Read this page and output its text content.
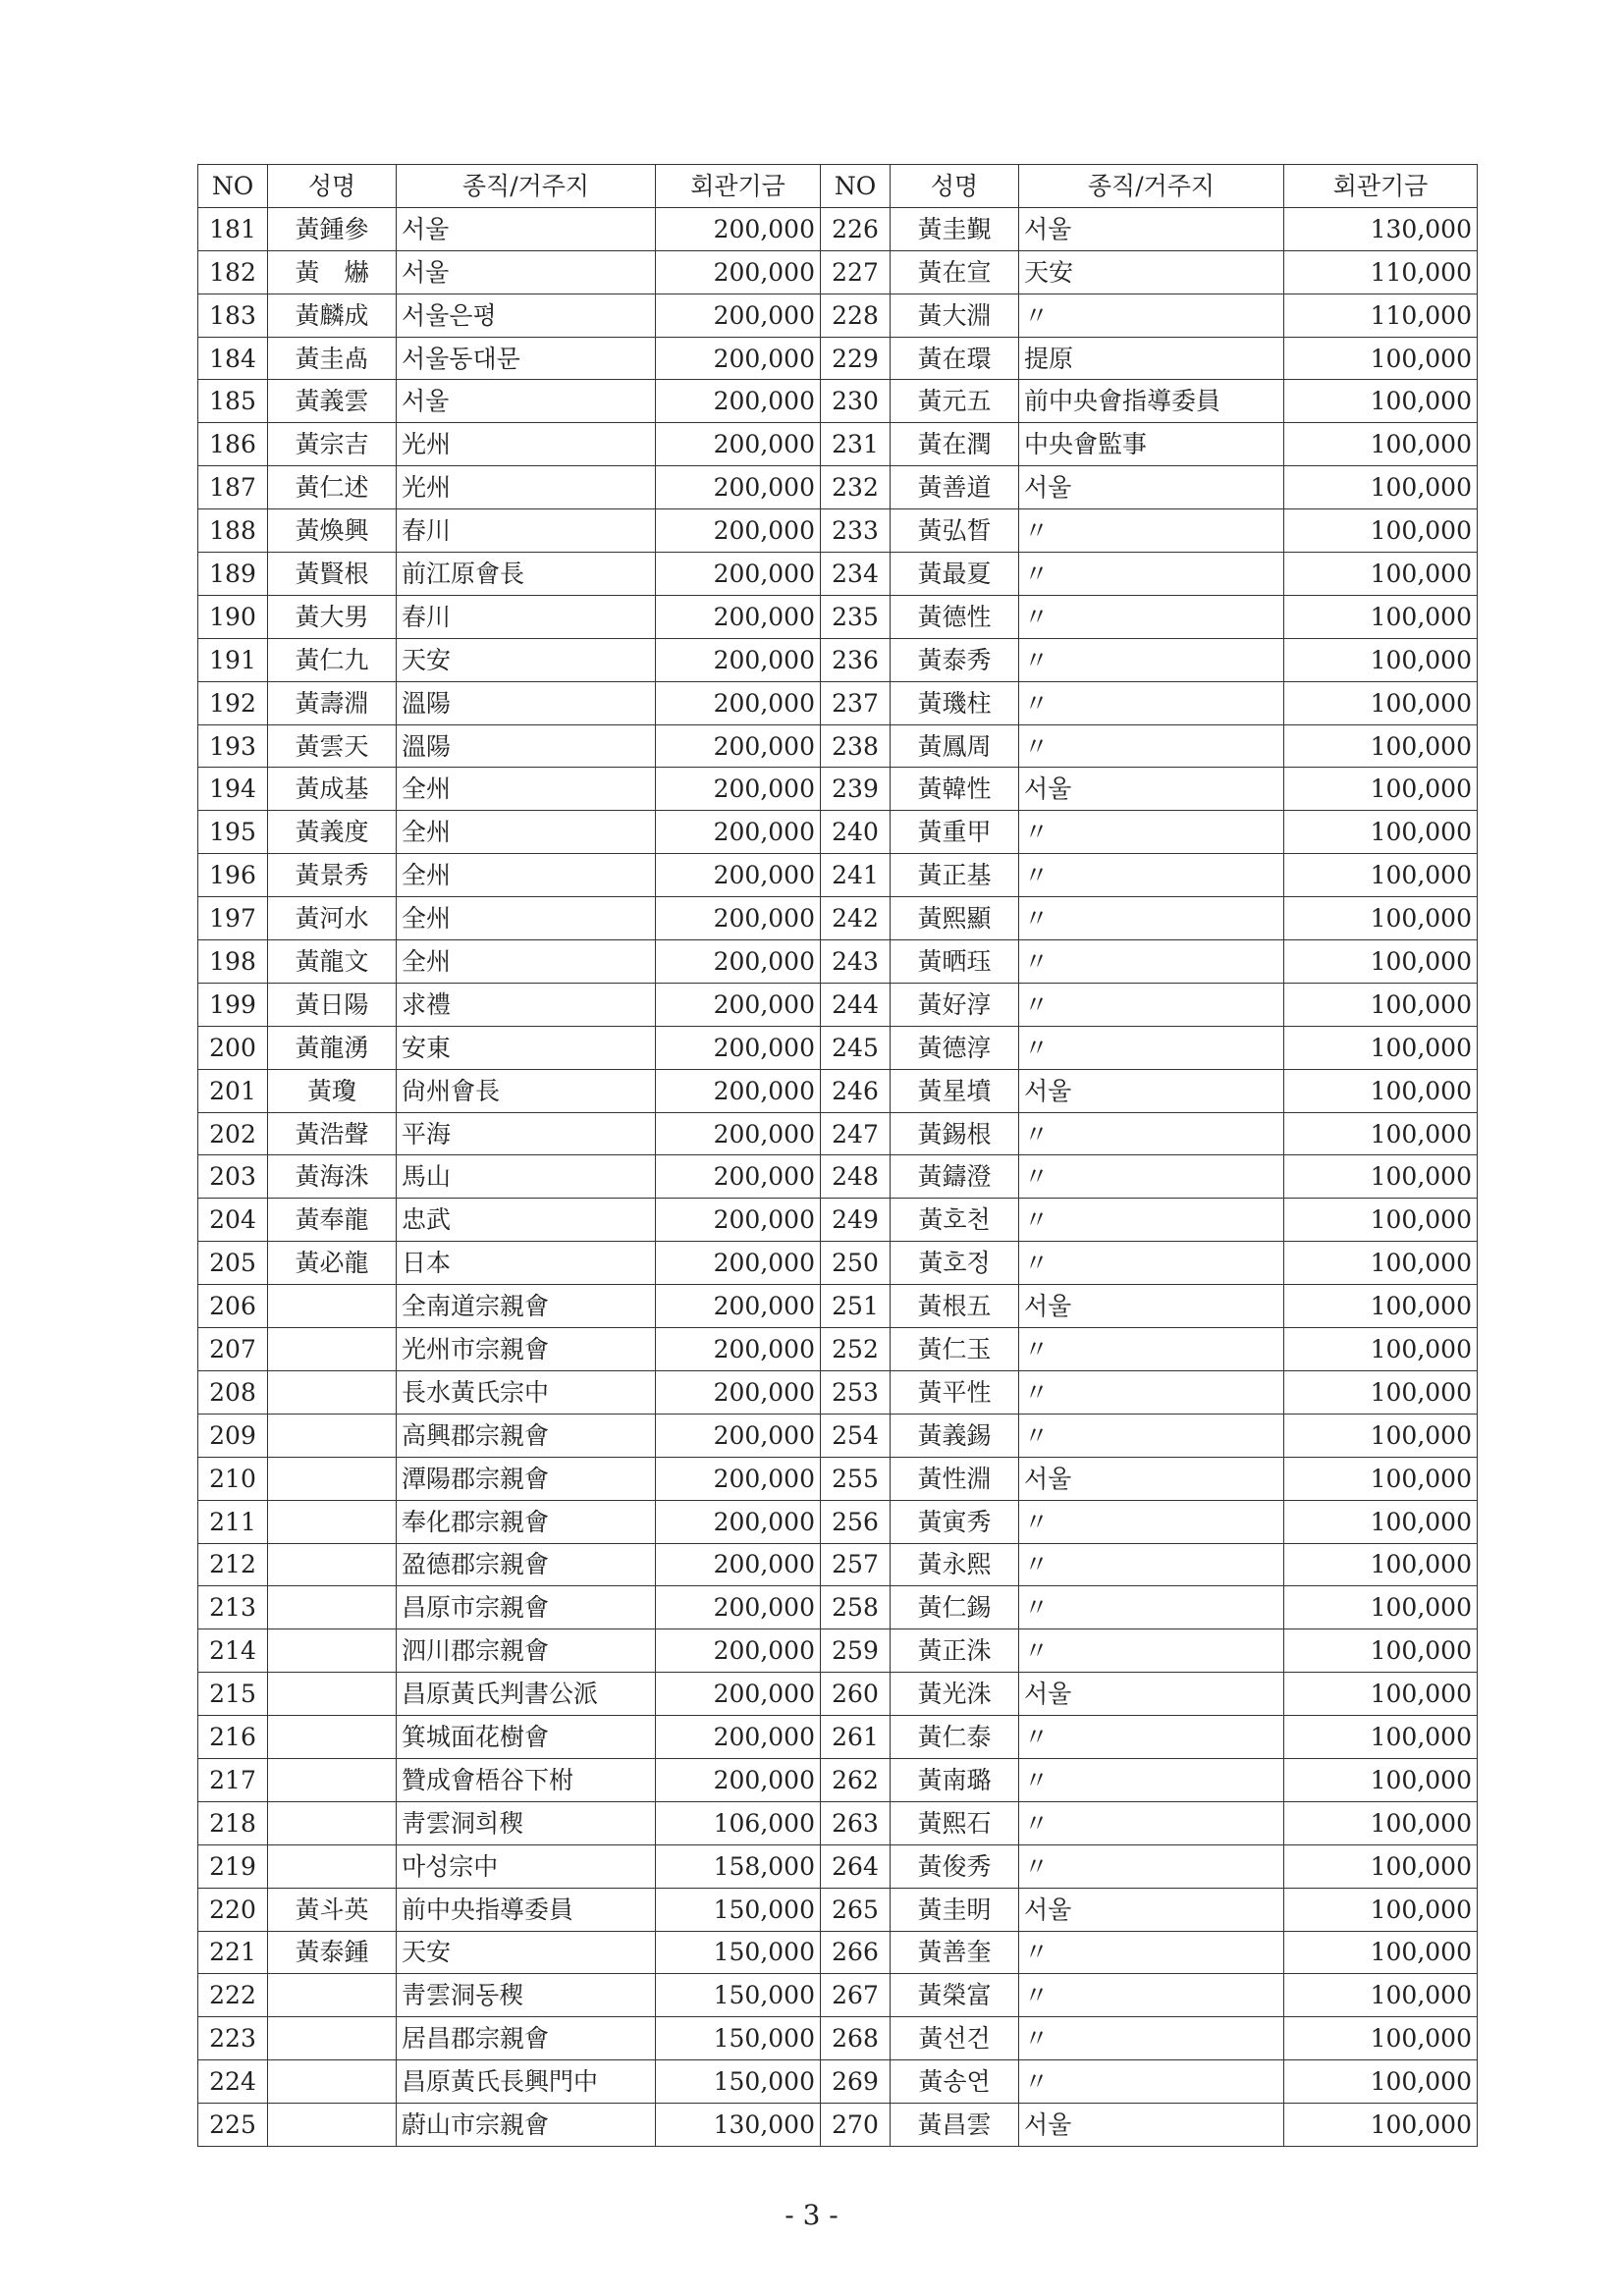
NO	성명	종직/거주지	회관기금	NO	성명	종직/거주지	회관기금
181	黃鍾參	서울	200,000	226	黃圭覲	서울	130,000
182	黃　爀	서울	200,000	227	黃在宣	天安	110,000
183	黃麟成	서울은평	200,000	228	黃大淵	〃	110,000
184	黃圭卨	서울동대문	200,000	229	黃在環	提原	100,000
185	黃義雲	서울	200,000	230	黃元五	前中央會指導委員	100,000
186	黃宗吉	光州	200,000	231	黃在潤	中央會監事	100,000
187	黃仁述	光州	200,000	232	黃善道	서울	100,000
188	黃煥興	春川	200,000	233	黃弘晳	〃	100,000
189	黃賢根	前江原會長	200,000	234	黃最夏	〃	100,000
190	黃大男	春川	200,000	235	黃德性	〃	100,000
191	黃仁九	天安	200,000	236	黃泰秀	〃	100,000
192	黃壽淵	溫陽	200,000	237	黃璣柱	〃	100,000
193	黃雲天	溫陽	200,000	238	黃鳳周	〃	100,000
194	黃成基	全州	200,000	239	黃韓性	서울	100,000
195	黃義度	全州	200,000	240	黃重甲	〃	100,000
196	黃景秀	全州	200,000	241	黃正基	〃	100,000
197	黃河水	全州	200,000	242	黃熙顯	〃	100,000
198	黃龍文	全州	200,000	243	黃晒珏	〃	100,000
199	黃日陽	求禮	200,000	244	黃好淳	〃	100,000
200	黃龍湧	安東	200,000	245	黃德淳	〃	100,000
201	黃瓊	尙州會長	200,000	246	黃星墳	서울	100,000
202	黃浩聲	平海	200,000	247	黃錫根	〃	100,000
203	黃海洙	馬山	200,000	248	黃鑄澄	〃	100,000
204	黃奉龍	忠武	200,000	249	黃호천	〃	100,000
205	黃必龍	日本	200,000	250	黃호정	〃	100,000
206		全南道宗親會	200,000	251	黃根五	서울	100,000
207		光州市宗親會	200,000	252	黃仁玉	〃	100,000
208		長水黃氏宗中	200,000	253	黃平性	〃	100,000
209		高興郡宗親會	200,000	254	黃義錫	〃	100,000
210		潭陽郡宗親會	200,000	255	黃性淵	서울	100,000
211		奉化郡宗親會	200,000	256	黃寅秀	〃	100,000
212		盈德郡宗親會	200,000	257	黃永熙	〃	100,000
213		昌原市宗親會	200,000	258	黃仁錫	〃	100,000
214		泗川郡宗親會	200,000	259	黃正洙	〃	100,000
215		昌原黃氏判書公派	200,000	260	黃光洙	서울	100,000
216		箕城面花樹會	200,000	261	黃仁泰	〃	100,000
217		贊成會梧谷下柎	200,000	262	黃南璐	〃	100,000
218		靑雲洞희稧	106,000	263	黃熙石	〃	100,000
219		마성宗中	158,000	264	黃俊秀	〃	100,000
220	黃斗英	前中央指導委員	150,000	265	黃圭明	서울	100,000
221	黃泰鍾	天安	150,000	266	黃善奎	〃	100,000
222		靑雲洞동稧	150,000	267	黃榮富	〃	100,000
223		居昌郡宗親會	150,000	268	黃선건	〃	100,000
224		昌原黃氏長興門中	150,000	269	黃송연	〃	100,000
225		蔚山市宗親會	130,000	270	黃昌雲	서울	100,000
- 3 -
